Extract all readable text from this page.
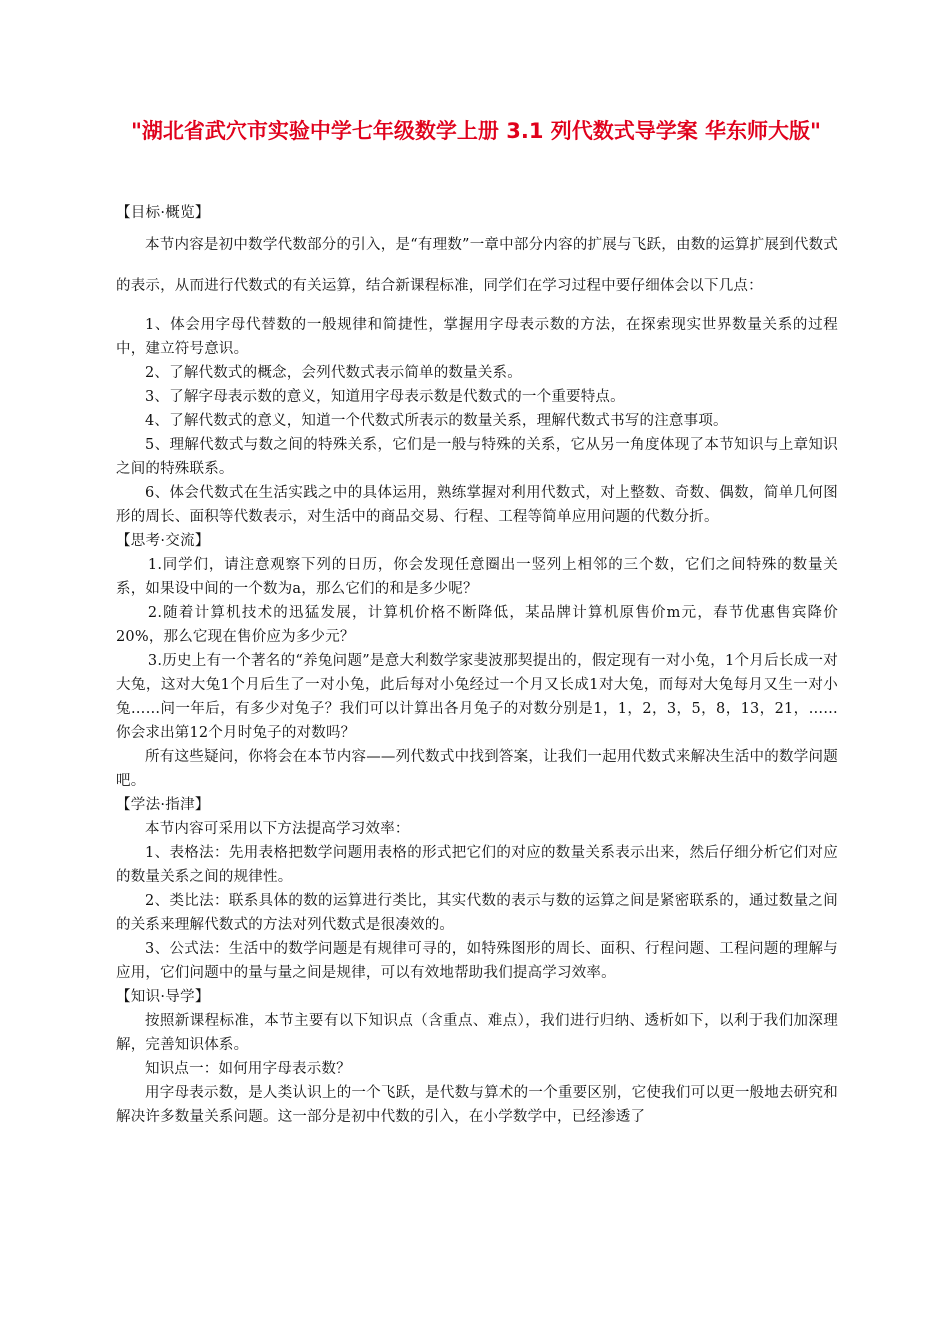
"湖北省武穴市实验中学七年级数学上册 3.1 列代数式导学案 华东师大版"
【目标·概览】

本节内容是初中数学代数部分的引入，是“有理数”一章中部分内容的扩展与飞跃，由数的运算扩展到代数式的表示，从而进行代数式的有关运算，结合新课程标准，同学们在学习过程中要仔细体会以下几点：

1、体会用字母代替数的一般规律和简捷性，掌握用字母表示数的方法，在探索现实世界数量关系的过程中，建立符号意识。

2、了解代数式的概念，会列代数式表示简单的数量关系。

3、了解字母表示数的意义，知道用字母表示数是代数式的一个重要特点。

4、了解代数式的意义，知道一个代数式所表示的数量关系，理解代数式书写的注意事项。

5、理解代数式与数之间的特殊关系，它们是一般与特殊的关系，它从另一角度体现了本节知识与上章知识之间的特殊联系。

6、体会代数式在生活实践之中的具体运用，熟练掌握对利用代数式，对上整数、奇数、偶数，简单几何图形的周长、面积等代数表示，对生活中的商品交易、行程、工程等简单应用问题的代数分折。

【思考·交流】

1.同学们，请注意观察下列的日历，你会发现任意圈出一竖列上相邻的三个数，它们之间特殊的数量关系，如果设中间的一个数为a，那么它们的和是多少呢？

2.随着计算机技术的迅猛发展，计算机价格不断降低，某品牌计算机原售价m元，春节优惠售宾降价20%，那么它现在售价应为多少元？

3.历史上有一个著名的“养兔问题”是意大利数学家斐波那契提出的，假定现有一对小兔，1个月后长成一对大兔，这对大兔1个月后生了一对小兔，此后每对小兔经过一个月又长成1对大兔，而每对大兔每月又生一对小兔……问一年后，有多少对兔子？我们可以计算出各月兔子的对数分别是1，1，2，3，5，8，13，21，……你会求出第12个月时兔子的对数吗？

所有这些疑问，你将会在本节内容——列代数式中找到答案，让我们一起用代数式来解决生活中的数学问题吧。

【学法·指津】

本节内容可采用以下方法提高学习效率：

1、表格法：先用表格把数学问题用表格的形式把它们的对应的数量关系表示出来，然后仔细分析它们对应的数量关系之间的规律性。

2、类比法：联系具体的数的运算进行类比，其实代数的表示与数的运算之间是紧密联系的，通过数量之间的关系来理解代数式的方法对列代数式是很凑效的。

3、公式法：生活中的数学问题是有规律可寻的，如特殊图形的周长、面积、行程问题、工程问题的理解与应用，它们问题中的量与量之间是规律，可以有效地帮助我们提高学习效率。

【知识·导学】

按照新课程标准，本节主要有以下知识点（含重点、难点），我们进行归纳、透析如下，以利于我们加深理解，完善知识体系。

知识点一：如何用字母表示数？

用字母表示数，是人类认识上的一个飞跃，是代数与算术的一个重要区别，它使我们可以更一般地去研究和解决许多数量关系问题。这一部分是初中代数的引入，在小学数学中，已经渗透了
